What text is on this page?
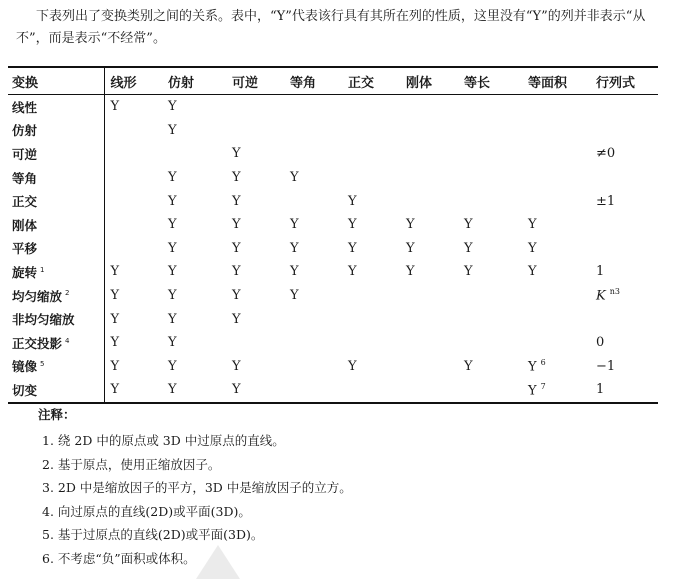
下表列出了变换类别之间的关系。表中，“Y”代表该行具有其所在列的性质，这里没有“Y”的列并非表示“从不”，而是表示“不经常”。
变换	线形	仿射	可逆	等角	正交	刚体	等长	等面积	行列式
线性	Y	Y							
仿射		Y							
可逆			Y						≠0
等角		Y	Y	Y					
正交		Y	Y		Y				±1
刚体		Y	Y	Y	Y	Y	Y	Y	
平移		Y	Y	Y	Y	Y	Y	Y	
旋转 $^1$	Y	Y	Y	Y	Y	Y	Y	Y	1
均匀缩放 $^2$	Y	Y	Y	Y					K $^{n3}$
非均匀缩放	Y	Y	Y						
正交投影 $^4$	Y	Y							0
镜像 $^5$	Y	Y	Y		Y		Y	Y $^6$	−1
切变	Y	Y	Y					Y $^7$	1
注释：
1. 绕 2D 中的原点或 3D 中过原点的直线。
2. 基于原点，使用正缩放因子。
3. 2D 中是缩放因子的平方，3D 中是缩放因子的立方。
4. 向过原点的直线(2D)或平面(3D)。
5. 基于过原点的直线(2D)或平面(3D)。
6. 不考虑“负”面积或体积。
